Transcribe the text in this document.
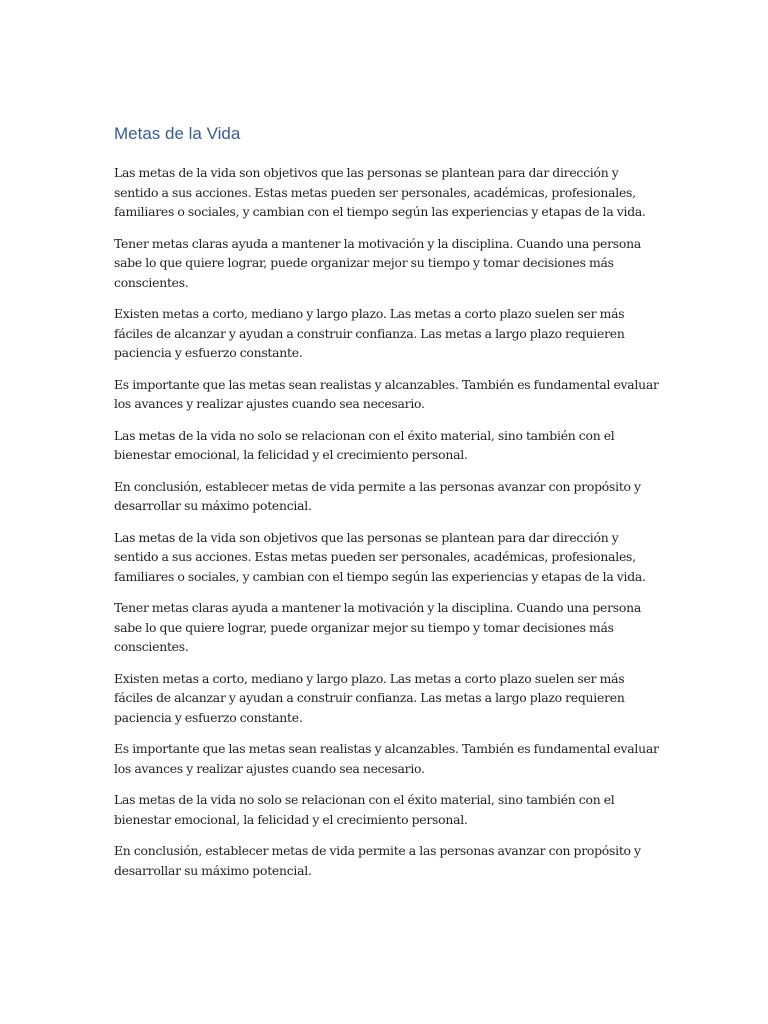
Metas de la Vida

Las metas de la vida son objetivos que las personas se plantean para dar dirección y sentido a sus acciones. Estas metas pueden ser personales, académicas, profesionales, familiares o sociales, y cambian con el tiempo según las experiencias y etapas de la vida.

Tener metas claras ayuda a mantener la motivación y la disciplina. Cuando una persona sabe lo que quiere lograr, puede organizar mejor su tiempo y tomar decisiones más conscientes.

Existen metas a corto, mediano y largo plazo. Las metas a corto plazo suelen ser más fáciles de alcanzar y ayudan a construir confianza. Las metas a largo plazo requieren paciencia y esfuerzo constante.

Es importante que las metas sean realistas y alcanzables. También es fundamental evaluar los avances y realizar ajustes cuando sea necesario.

Las metas de la vida no solo se relacionan con el éxito material, sino también con el bienestar emocional, la felicidad y el crecimiento personal.

En conclusión, establecer metas de vida permite a las personas avanzar con propósito y desarrollar su máximo potencial.

Las metas de la vida son objetivos que las personas se plantean para dar dirección y sentido a sus acciones. Estas metas pueden ser personales, académicas, profesionales, familiares o sociales, y cambian con el tiempo según las experiencias y etapas de la vida.

Tener metas claras ayuda a mantener la motivación y la disciplina. Cuando una persona sabe lo que quiere lograr, puede organizar mejor su tiempo y tomar decisiones más conscientes.

Existen metas a corto, mediano y largo plazo. Las metas a corto plazo suelen ser más fáciles de alcanzar y ayudan a construir confianza. Las metas a largo plazo requieren paciencia y esfuerzo constante.

Es importante que las metas sean realistas y alcanzables. También es fundamental evaluar los avances y realizar ajustes cuando sea necesario.

Las metas de la vida no solo se relacionan con el éxito material, sino también con el bienestar emocional, la felicidad y el crecimiento personal.

En conclusión, establecer metas de vida permite a las personas avanzar con propósito y desarrollar su máximo potencial.
